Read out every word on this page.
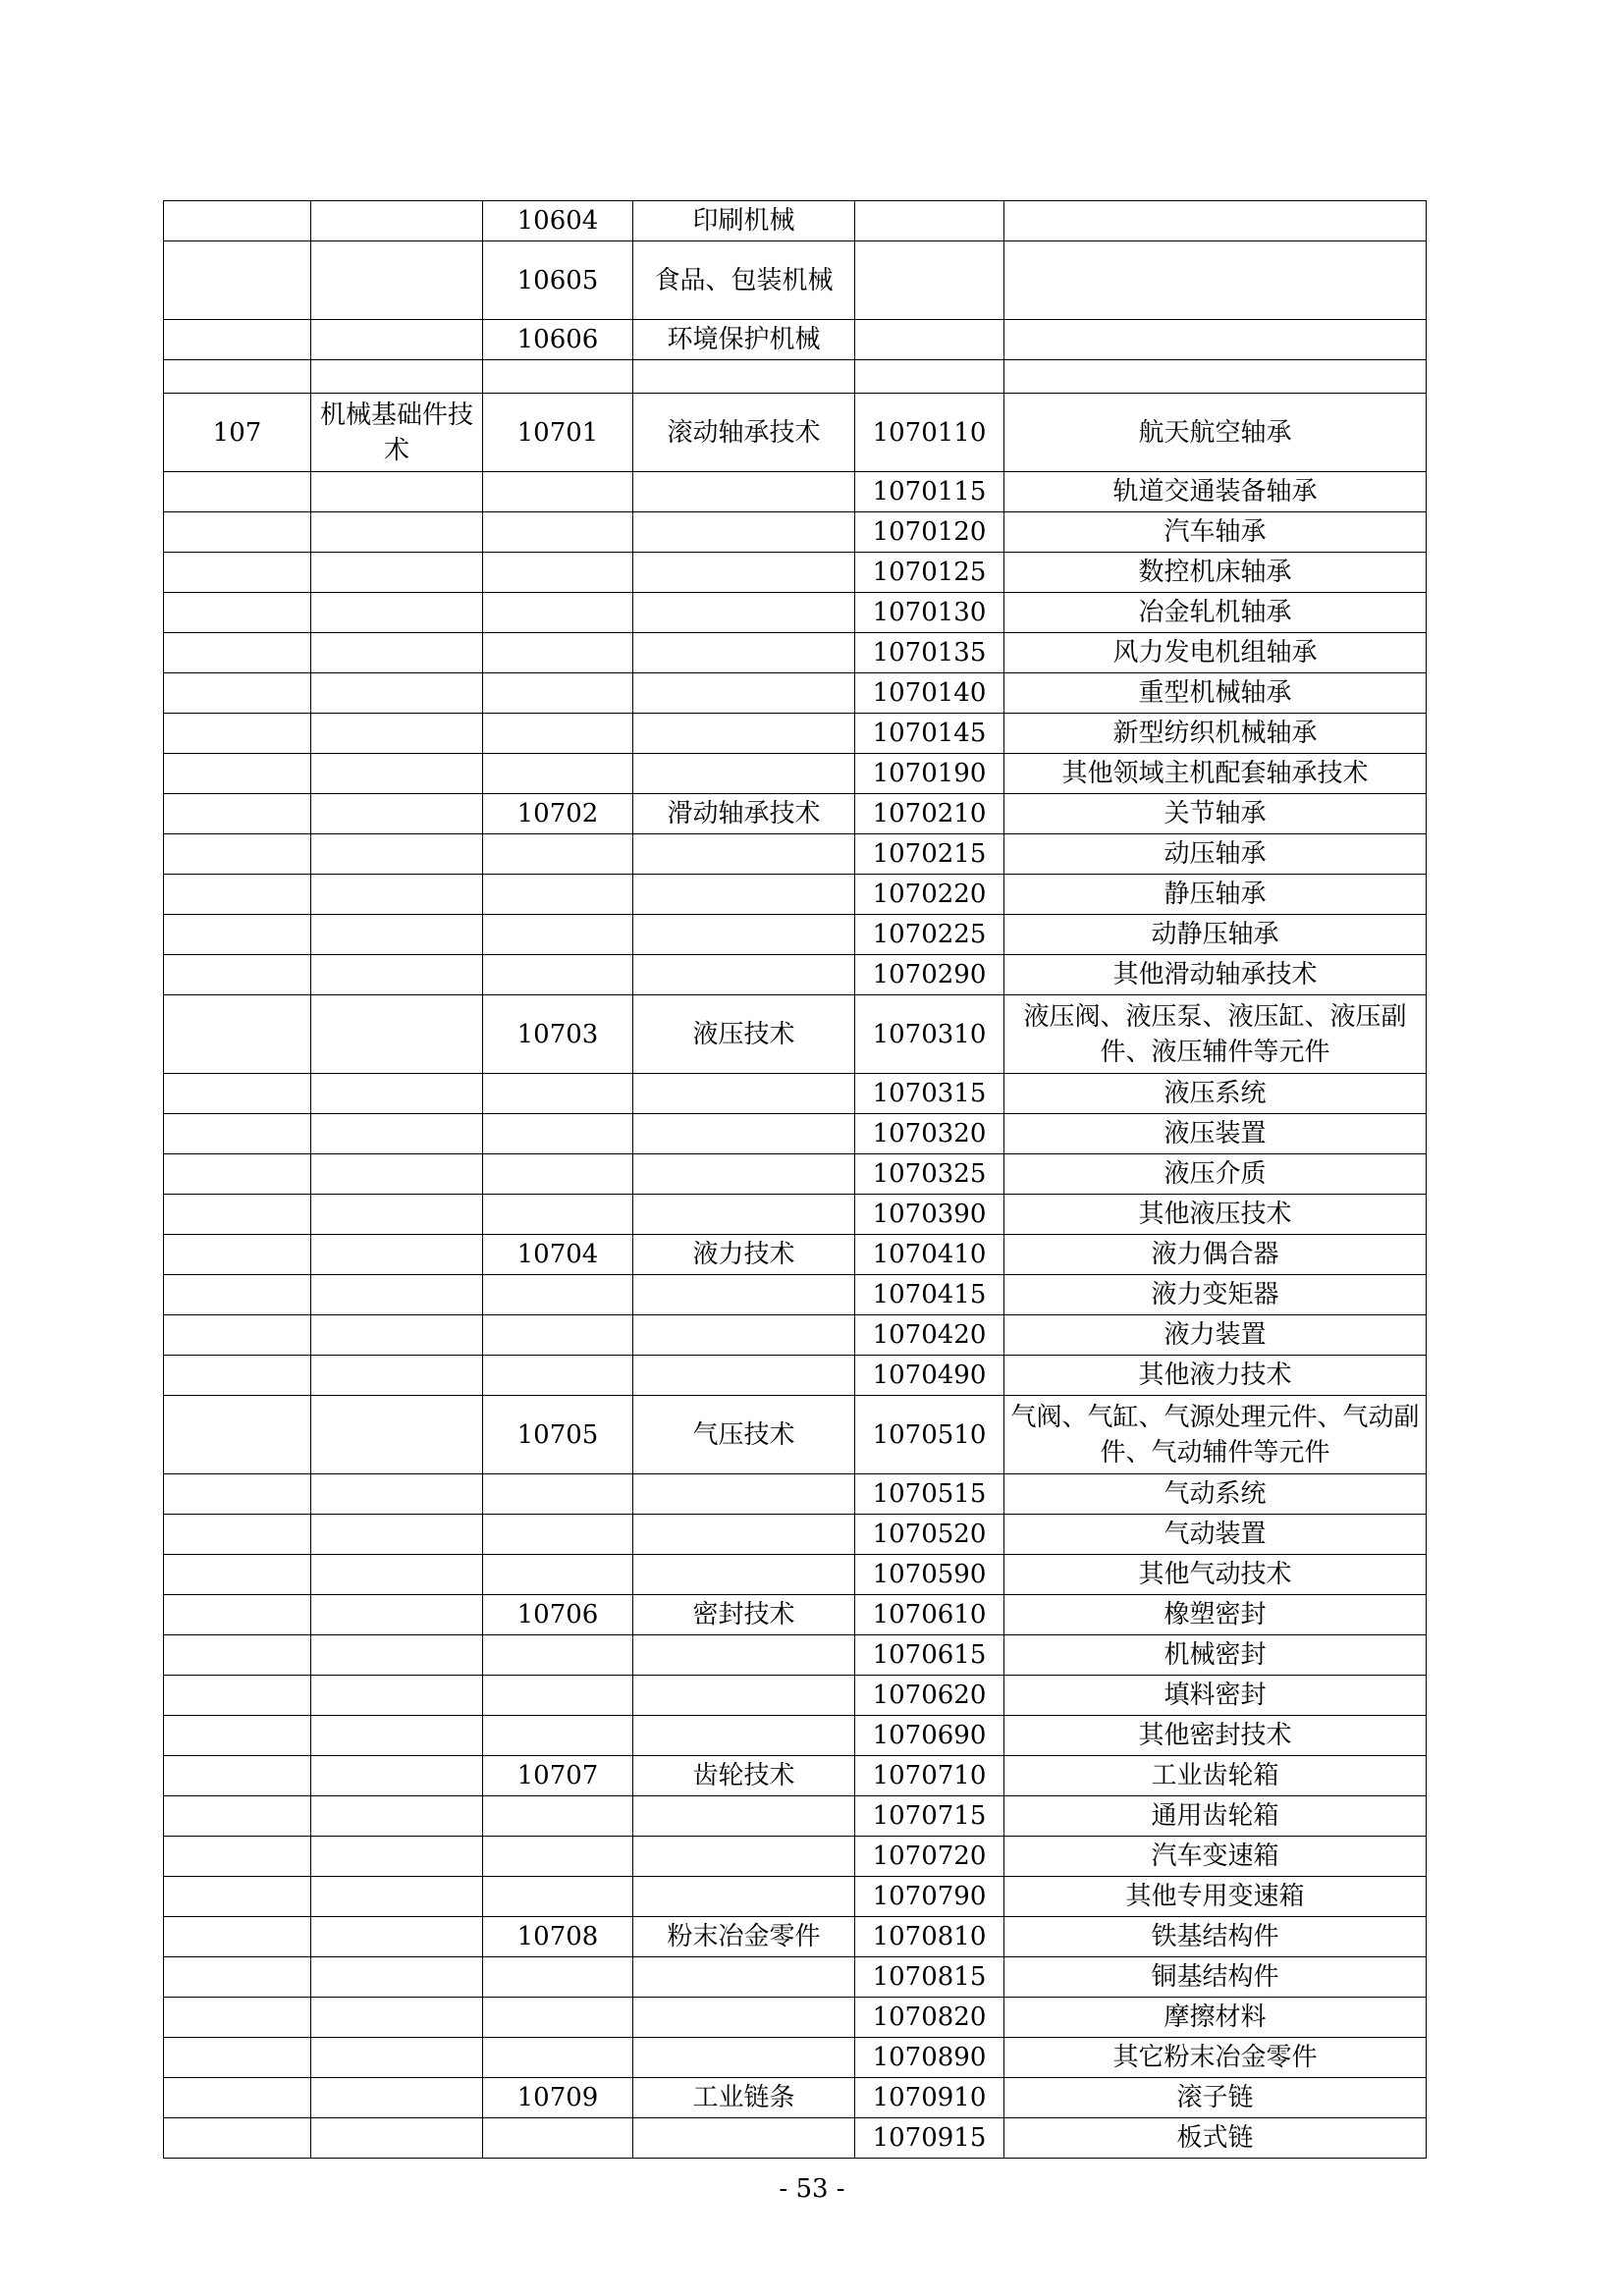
		10604	印刷机械		
		10605	食品、包装机械		
		10606	环境保护机械		

107	机械基础件技术	10701	滚动轴承技术	1070110	航天航空轴承
				1070115	轨道交通装备轴承
				1070120	汽车轴承
				1070125	数控机床轴承
				1070130	冶金轧机轴承
				1070135	风力发电机组轴承
				1070140	重型机械轴承
				1070145	新型纺织机械轴承
				1070190	其他领域主机配套轴承技术
		10702	滑动轴承技术	1070210	关节轴承
				1070215	动压轴承
				1070220	静压轴承
				1070225	动静压轴承
				1070290	其他滑动轴承技术
		10703	液压技术	1070310	液压阀、液压泵、液压缸、液压副件、液压辅件等元件
				1070315	液压系统
				1070320	液压装置
				1070325	液压介质
				1070390	其他液压技术
		10704	液力技术	1070410	液力偶合器
				1070415	液力变矩器
				1070420	液力装置
				1070490	其他液力技术
		10705	气压技术	1070510	气阀、气缸、气源处理元件、气动副件、气动辅件等元件
				1070515	气动系统
				1070520	气动装置
				1070590	其他气动技术
		10706	密封技术	1070610	橡塑密封
				1070615	机械密封
				1070620	填料密封
				1070690	其他密封技术
		10707	齿轮技术	1070710	工业齿轮箱
				1070715	通用齿轮箱
				1070720	汽车变速箱
				1070790	其他专用变速箱
		10708	粉末冶金零件	1070810	铁基结构件
				1070815	铜基结构件
				1070820	摩擦材料
				1070890	其它粉末冶金零件
		10709	工业链条	1070910	滚子链
				1070915	板式链
- 53 -
